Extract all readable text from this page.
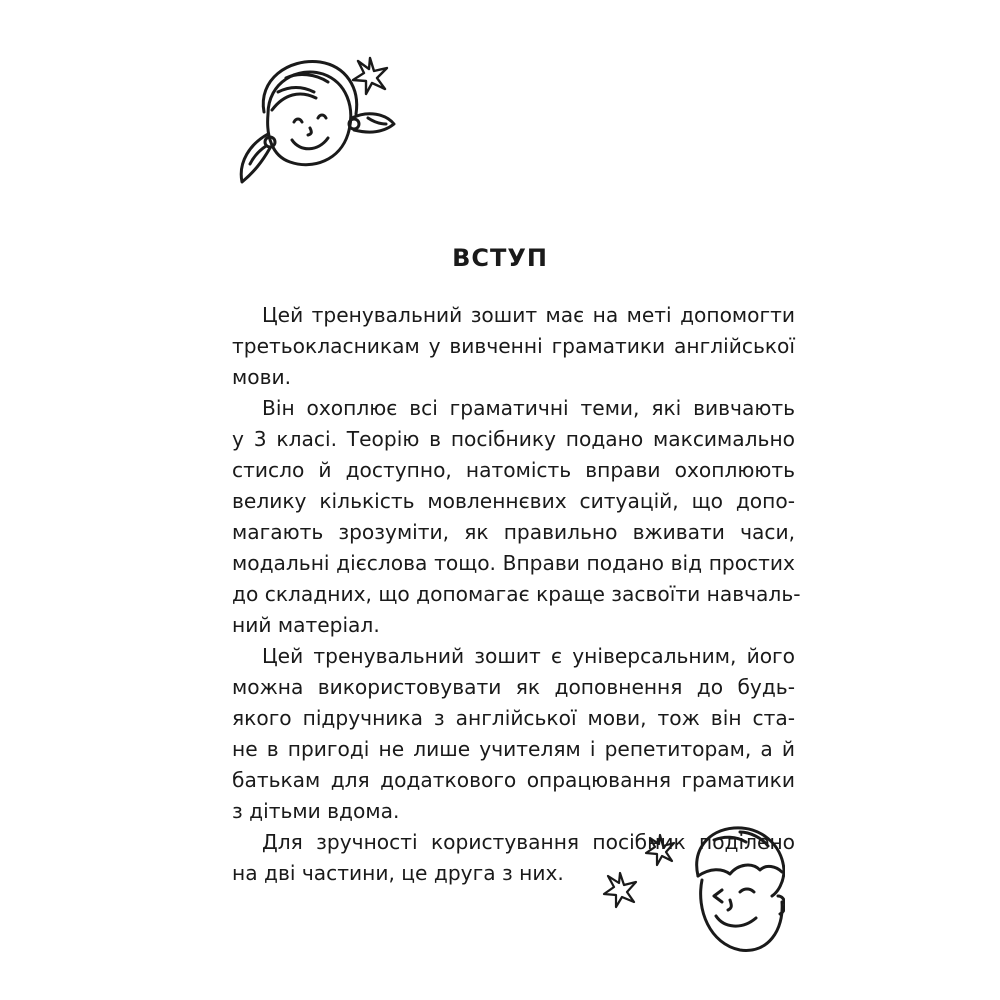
ВСТУП

Цей тренувальний зошит має на меті допомогти
третьокласникам у вивченні граматики англійської
мови.

Він охоплює всі граматичні теми, які вивчають
у 3 класі. Теорію в посібнику подано максимально
стисло й доступно, натомість вправи охоплюють
велику кількість мовленнєвих ситуацій, що допо-
магають зрозуміти, як правильно вживати часи,
модальні дієслова тощо. Вправи подано від простих
до складних, що допомагає краще засвоїти навчаль-
ний матеріал.

Цей тренувальний зошит є універсальним, його
можна використовувати як доповнення до будь-
якого підручника з англійської мови, тож він ста-
не в пригоді не лише учителям і репетиторам, а й
батькам для додаткового опрацювання граматики
з дітьми вдома.

Для зручності користування посібник поділено
на дві частини, це друга з них.
